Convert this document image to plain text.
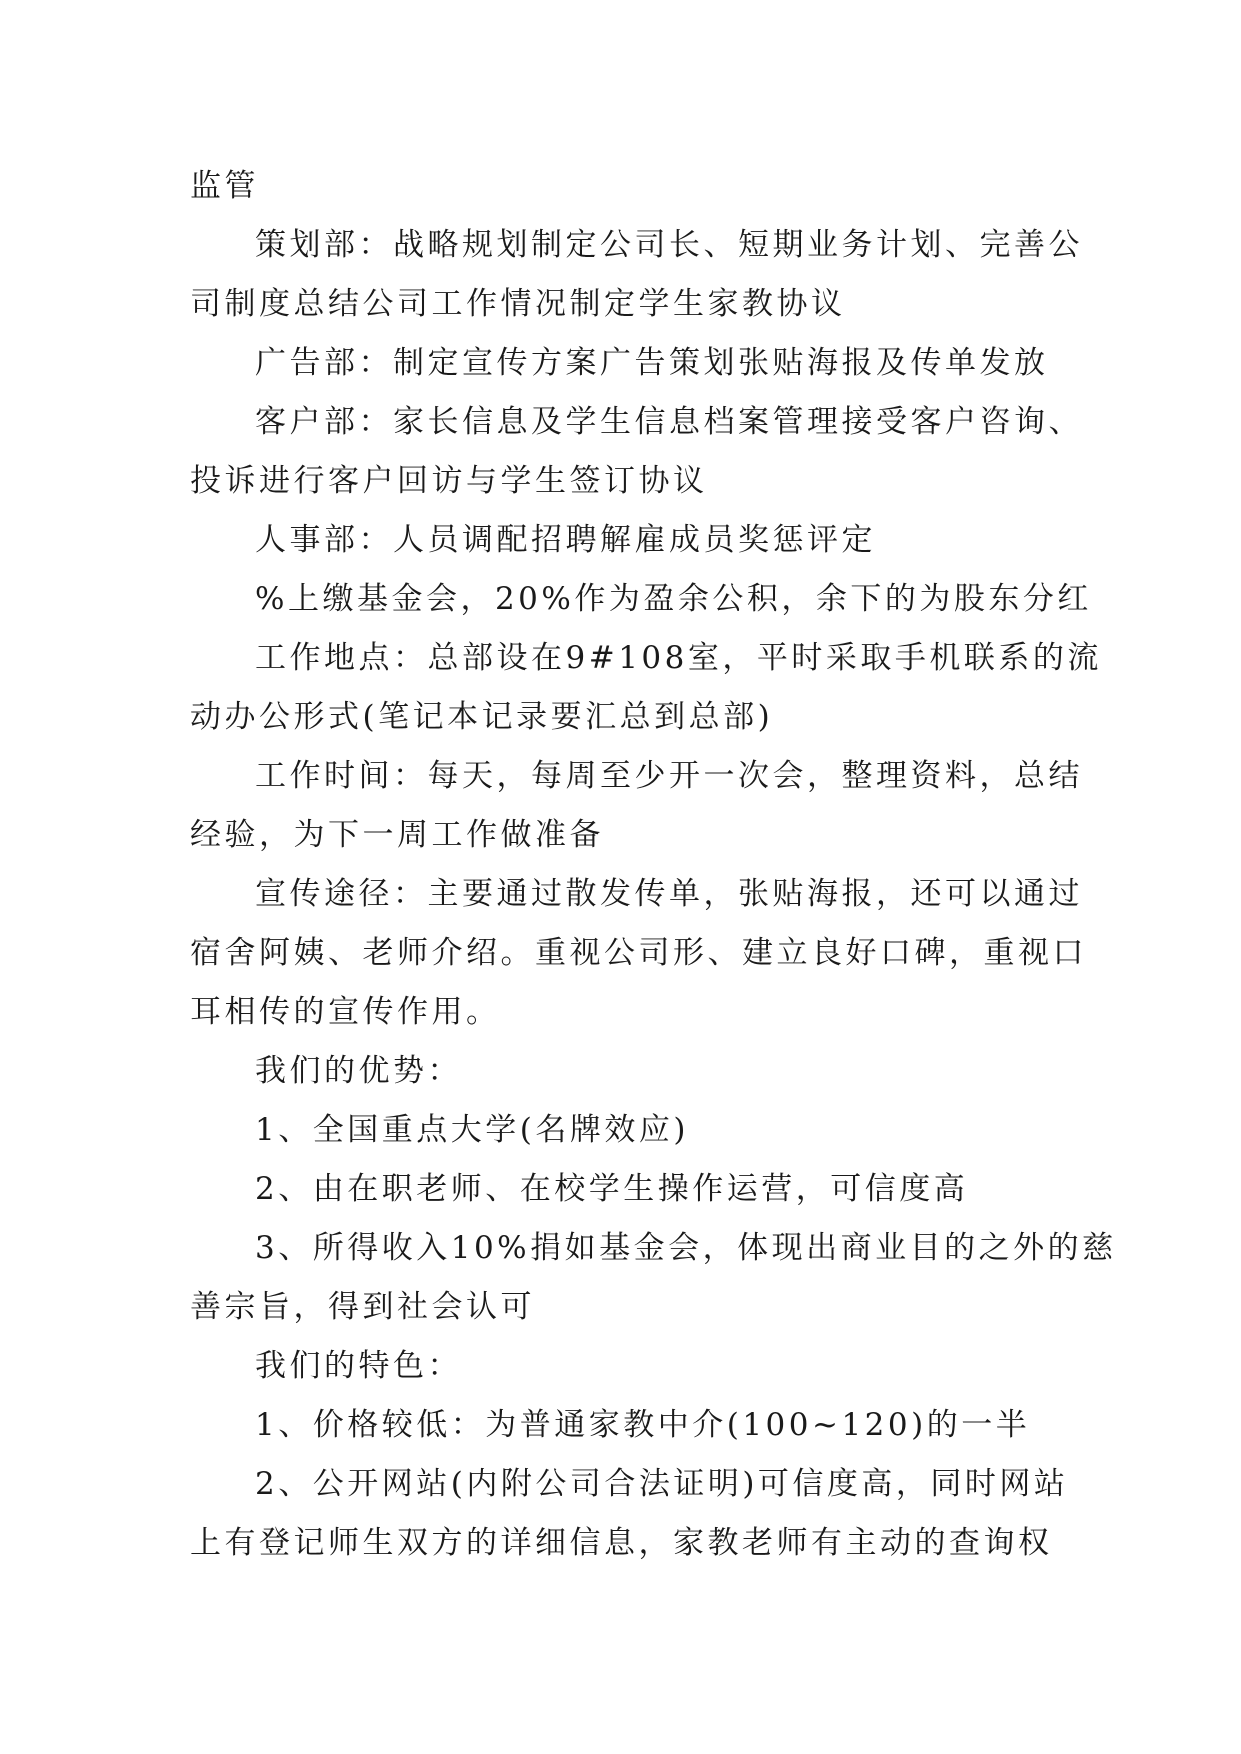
监管
策划部：战略规划制定公司长、短期业务计划、完善公
司制度总结公司工作情况制定学生家教协议
广告部：制定宣传方案广告策划张贴海报及传单发放
客户部：家长信息及学生信息档案管理接受客户咨询、
投诉进行客户回访与学生签订协议
人事部：人员调配招聘解雇成员奖惩评定
%上缴基金会，20%作为盈余公积，余下的为股东分红
工作地点：总部设在9#108室，平时采取手机联系的流
动办公形式(笔记本记录要汇总到总部)
工作时间：每天，每周至少开一次会，整理资料，总结
经验，为下一周工作做准备
宣传途径：主要通过散发传单，张贴海报，还可以通过
宿舍阿姨、老师介绍。重视公司形、建立良好口碑，重视口
耳相传的宣传作用。
我们的优势：
1、全国重点大学(名牌效应)
2、由在职老师、在校学生操作运营，可信度高
3、所得收入10%捐如基金会，体现出商业目的之外的慈
善宗旨，得到社会认可
我们的特色：
1、价格较低：为普通家教中介(100~120)的一半
2、公开网站(内附公司合法证明)可信度高，同时网站
上有登记师生双方的详细信息，家教老师有主动的查询权
